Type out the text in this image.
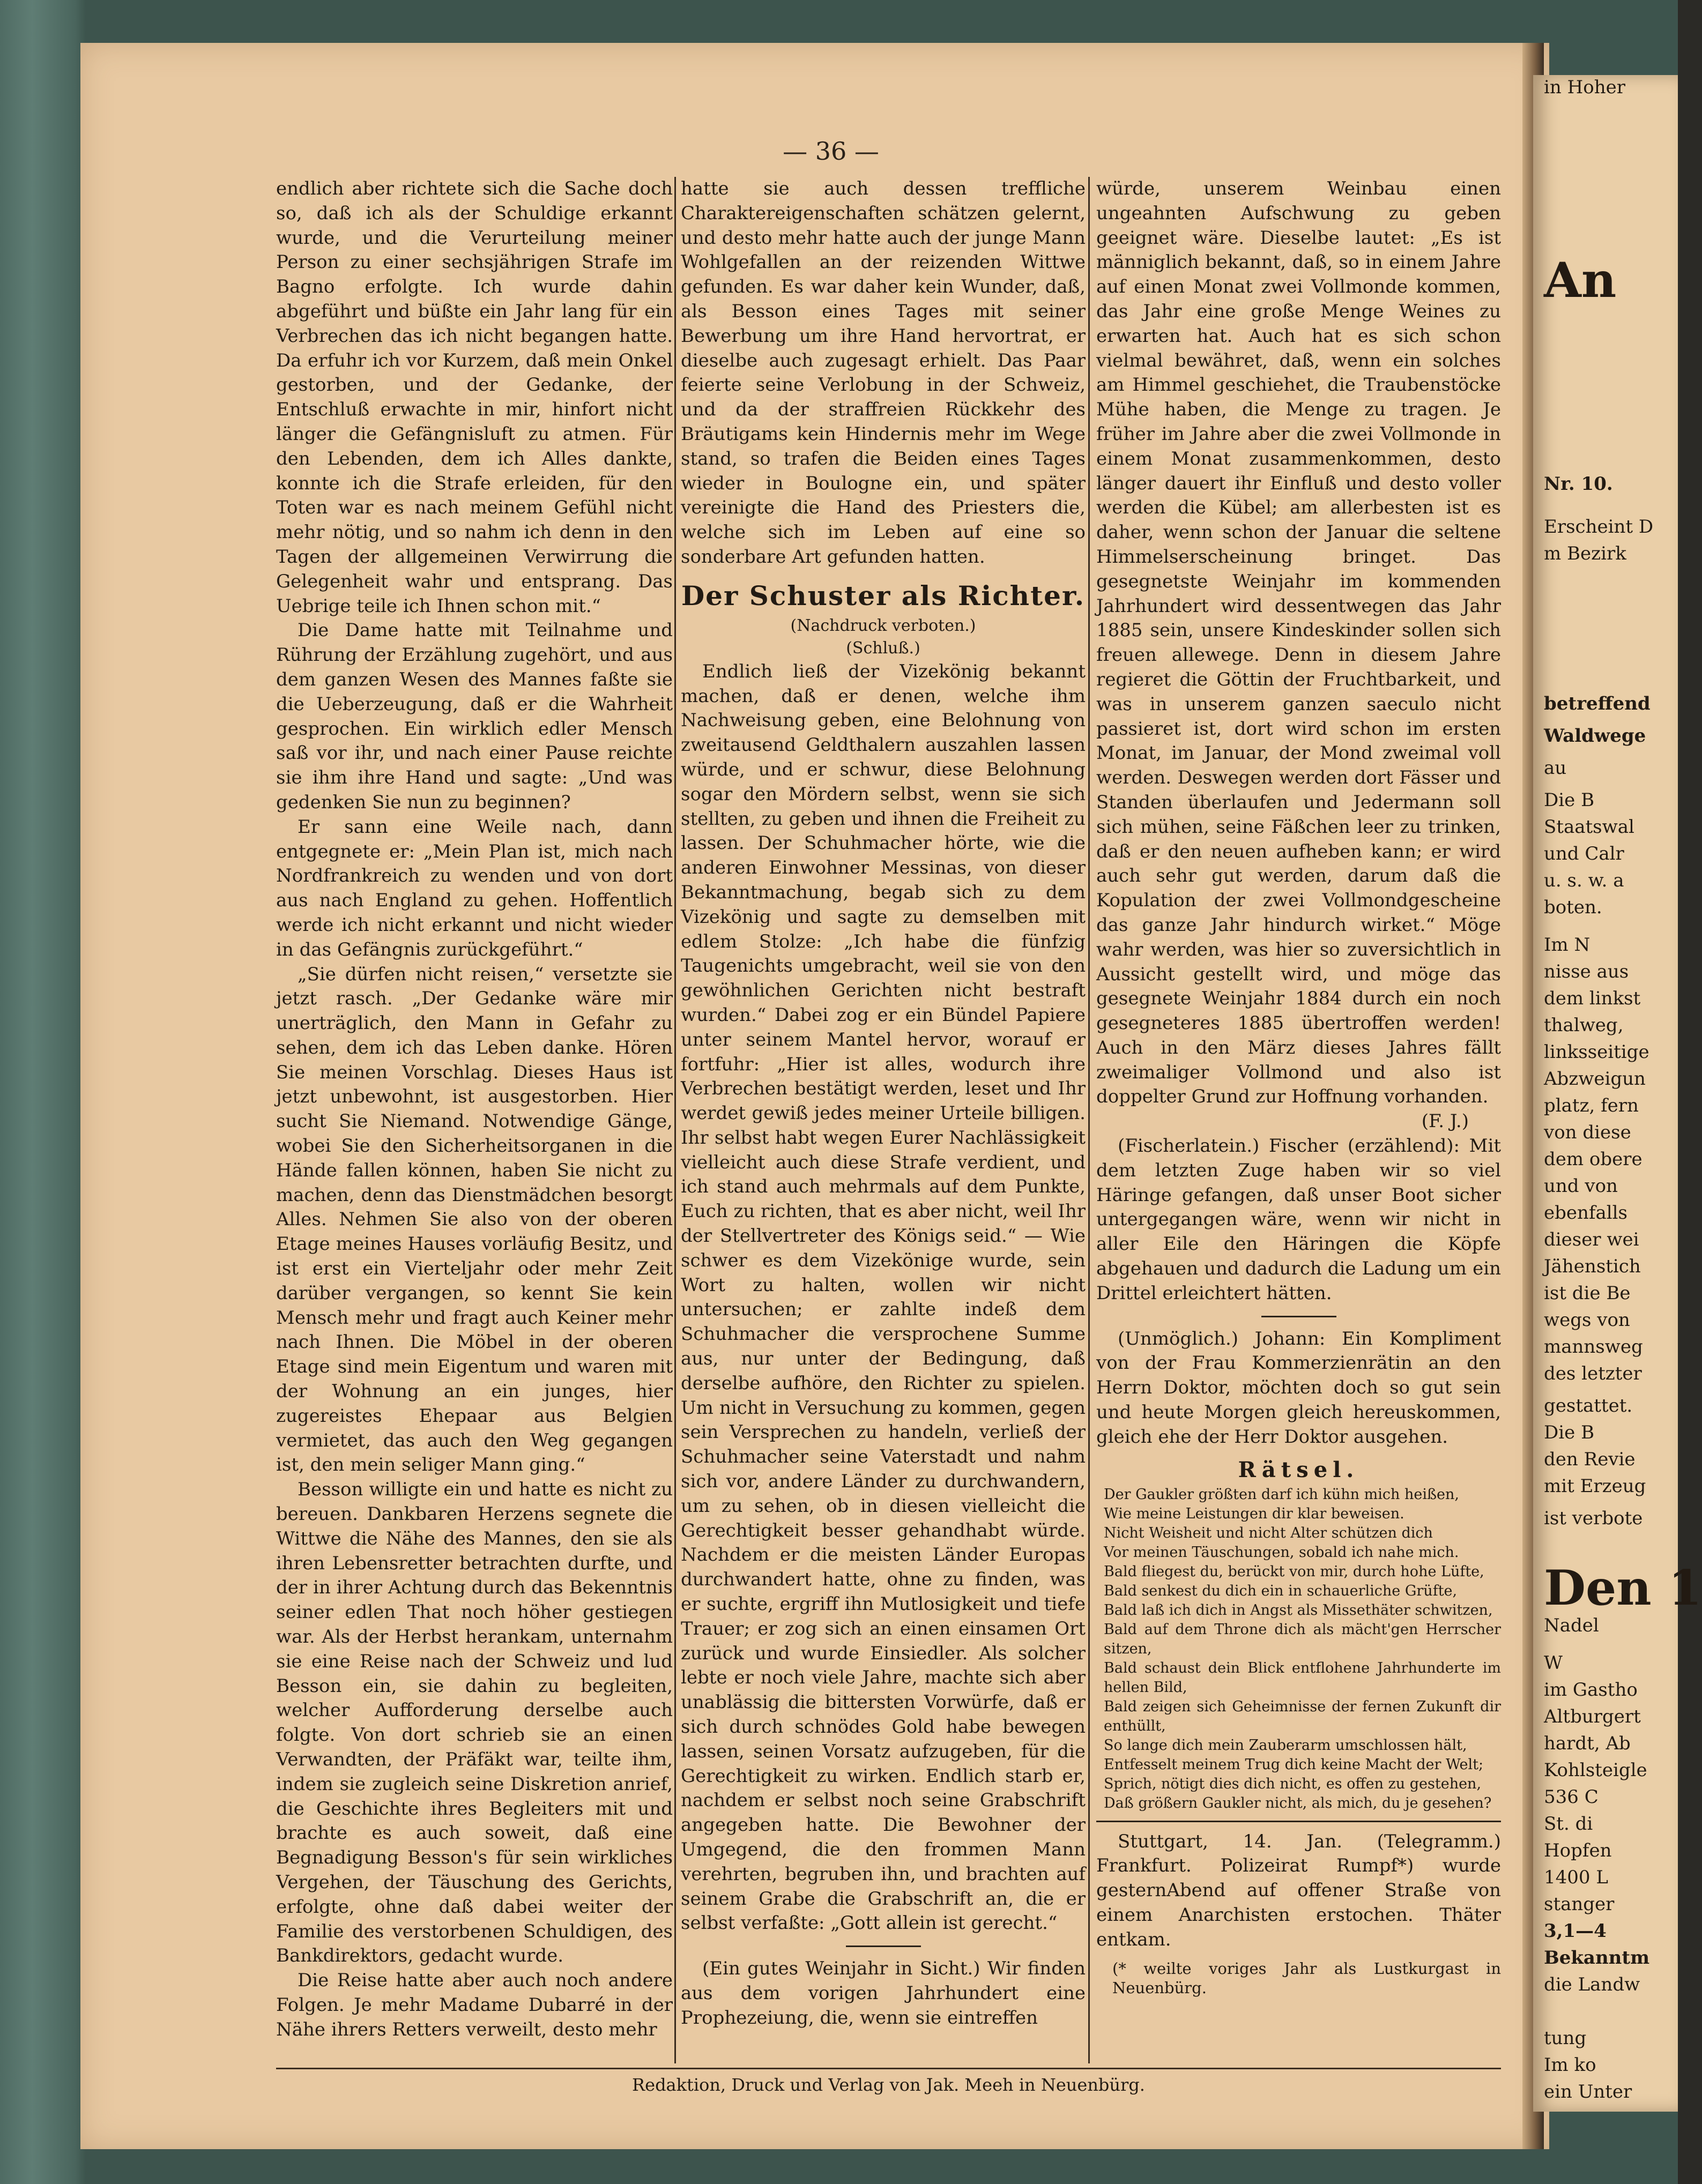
An
Nr. 10.
Erscheint D
m Bezirk
betreffend
Waldwege
au
Die B
Staatswal
und Calr
u. s. w. a
boten.
Im N
nisse aus
dem linkst
thalweg,
linksseitige
Abzweigun
platz, fern
von diese
dem obere
und von
ebenfalls
dieser wei
Jähenstich
ist die Be
wegs von
mannsweg
des letzter
gestattet.
Die B
den Revie
mit Erzeug
ist verbote
Den 1
Nadel
W
im Gastho
Altburgert
hardt, Ab
Kohlsteigle
536 C
St. di
Hopfen
1400 L
stanger
3,1—4
Bekanntm
die Landw
tung
Im ko
ein Unter
in Hoher
— 36 —

endlich aber richtete sich die Sache doch so, daß ich als der Schuldige erkannt wurde, und die Verurteilung meiner Person zu einer sechsjährigen Strafe im Bagno erfolgte. Ich wurde dahin abgeführt und büßte ein Jahr lang für ein Verbrechen das ich nicht begangen hatte. Da erfuhr ich vor Kurzem, daß mein Onkel gestorben, und der Gedanke, der Entschluß erwachte in mir, hinfort nicht länger die Gefängnisluft zu atmen. Für den Lebenden, dem ich Alles dankte, konnte ich die Strafe erleiden, für den Toten war es nach meinem Gefühl nicht mehr nötig, und so nahm ich denn in den Tagen der allgemeinen Verwirrung die Gelegenheit wahr und entsprang. Das Uebrige teile ich Ihnen schon mit.“

Die Dame hatte mit Teilnahme und Rührung der Erzählung zugehört, und aus dem ganzen Wesen des Mannes faßte sie die Ueberzeugung, daß er die Wahrheit gesprochen. Ein wirklich edler Mensch saß vor ihr, und nach einer Pause reichte sie ihm ihre Hand und sagte: „Und was gedenken Sie nun zu beginnen?

Er sann eine Weile nach, dann entgegnete er: „Mein Plan ist, mich nach Nordfrankreich zu wenden und von dort aus nach England zu gehen. Hoffentlich werde ich nicht erkannt und nicht wieder in das Gefängnis zurückgeführt.“

„Sie dürfen nicht reisen,“ versetzte sie jetzt rasch. „Der Gedanke wäre mir unerträglich, den Mann in Gefahr zu sehen, dem ich das Leben danke. Hören Sie meinen Vorschlag. Dieses Haus ist jetzt unbewohnt, ist ausgestorben. Hier sucht Sie Niemand. Notwendige Gänge, wobei Sie den Sicherheitsorganen in die Hände fallen können, haben Sie nicht zu machen, denn das Dienstmädchen besorgt Alles. Nehmen Sie also von der oberen Etage meines Hauses vorläufig Besitz, und ist erst ein Vierteljahr oder mehr Zeit darüber vergangen, so kennt Sie kein Mensch mehr und fragt auch Keiner mehr nach Ihnen. Die Möbel in der oberen Etage sind mein Eigentum und waren mit der Wohnung an ein junges, hier zugereistes Ehepaar aus Belgien vermietet, das auch den Weg gegangen ist, den mein seliger Mann ging.“

Besson willigte ein und hatte es nicht zu bereuen. Dankbaren Herzens segnete die Wittwe die Nähe des Mannes, den sie als ihren Lebensretter betrachten durfte, und der in ihrer Achtung durch das Bekenntnis seiner edlen That noch höher gestiegen war. Als der Herbst herankam, unternahm sie eine Reise nach der Schweiz und lud Besson ein, sie dahin zu begleiten, welcher Aufforderung derselbe auch folgte. Von dort schrieb sie an einen Verwandten, der Präfäkt war, teilte ihm, indem sie zugleich seine Diskretion anrief, die Geschichte ihres Begleiters mit und brachte es auch soweit, daß eine Begnadigung Besson's für sein wirkliches Vergehen, der Täuschung des Gerichts, erfolgte, ohne daß dabei weiter der Familie des verstorbenen Schuldigen, des Bankdirektors, gedacht wurde.

Die Reise hatte aber auch noch andere Folgen. Je mehr Madame Dubarré in der Nähe ihrers Retters verweilt, desto mehr

hatte sie auch dessen treffliche Charaktereigenschaften schätzen gelernt, und desto mehr hatte auch der junge Mann Wohlgefallen an der reizenden Wittwe gefunden. Es war daher kein Wunder, daß, als Besson eines Tages mit seiner Bewerbung um ihre Hand hervortrat, er dieselbe auch zugesagt erhielt. Das Paar feierte seine Verlobung in der Schweiz, und da der straffreien Rückkehr des Bräutigams kein Hindernis mehr im Wege stand, so trafen die Beiden eines Tages wieder in Boulogne ein, und später vereinigte die Hand des Priesters die, welche sich im Leben auf eine so sonderbare Art gefunden hatten.

Der Schuster als Richter.
(Nachdruck verboten.)
(Schluß.)

Endlich ließ der Vizekönig bekannt machen, daß er denen, welche ihm Nachweisung geben, eine Belohnung von zweitausend Geldthalern auszahlen lassen würde, und er schwur, diese Belohnung sogar den Mördern selbst, wenn sie sich stellten, zu geben und ihnen die Freiheit zu lassen. Der Schuhmacher hörte, wie die anderen Einwohner Messinas, von dieser Bekanntmachung, begab sich zu dem Vizekönig und sagte zu demselben mit edlem Stolze: „Ich habe die fünfzig Taugenichts umgebracht, weil sie von den gewöhnlichen Gerichten nicht bestraft wurden.“ Dabei zog er ein Bündel Papiere unter seinem Mantel hervor, worauf er fortfuhr: „Hier ist alles, wodurch ihre Verbrechen bestätigt werden, leset und Ihr werdet gewiß jedes meiner Urteile billigen. Ihr selbst habt wegen Eurer Nachlässigkeit vielleicht auch diese Strafe verdient, und ich stand auch mehrmals auf dem Punkte, Euch zu richten, that es aber nicht, weil Ihr der Stellvertreter des Königs seid.“ — Wie schwer es dem Vizekönige wurde, sein Wort zu halten, wollen wir nicht untersuchen; er zahlte indeß dem Schuhmacher die versprochene Summe aus, nur unter der Bedingung, daß derselbe aufhöre, den Richter zu spielen. Um nicht in Versuchung zu kommen, gegen sein Versprechen zu handeln, verließ der Schuhmacher seine Vaterstadt und nahm sich vor, andere Länder zu durchwandern, um zu sehen, ob in diesen vielleicht die Gerechtigkeit besser gehandhabt würde. Nachdem er die meisten Länder Europas durchwandert hatte, ohne zu finden, was er suchte, ergriff ihn Mutlosigkeit und tiefe Trauer; er zog sich an einen einsamen Ort zurück und wurde Einsiedler. Als solcher lebte er noch viele Jahre, machte sich aber unablässig die bittersten Vorwürfe, daß er sich durch schnödes Gold habe bewegen lassen, seinen Vorsatz aufzugeben, für die Gerechtigkeit zu wirken. Endlich starb er, nachdem er selbst noch seine Grabschrift angegeben hatte. Die Bewohner der Umgegend, die den frommen Mann verehrten, begruben ihn, und brachten auf seinem Grabe die Grabschrift an, die er selbst verfaßte: „Gott allein ist gerecht.“

(Ein gutes Weinjahr in Sicht.) Wir finden aus dem vorigen Jahrhundert eine Prophezeiung, die, wenn sie eintreffen

würde, unserem Weinbau einen ungeahnten Aufschwung zu geben geeignet wäre. Dieselbe lautet: „Es ist männiglich bekannt, daß, so in einem Jahre auf einen Monat zwei Vollmonde kommen, das Jahr eine große Menge Weines zu erwarten hat. Auch hat es sich schon vielmal bewähret, daß, wenn ein solches am Himmel geschiehet, die Traubenstöcke Mühe haben, die Menge zu tragen. Je früher im Jahre aber die zwei Vollmonde in einem Monat zusammenkommen, desto länger dauert ihr Einfluß und desto voller werden die Kübel; am allerbesten ist es daher, wenn schon der Januar die seltene Himmelserscheinung bringet. Das gesegnetste Weinjahr im kommenden Jahrhundert wird dessentwegen das Jahr 1885 sein, unsere Kindeskinder sollen sich freuen allewege. Denn in diesem Jahre regieret die Göttin der Fruchtbarkeit, und was in unserem ganzen saeculo nicht passieret ist, dort wird schon im ersten Monat, im Januar, der Mond zweimal voll werden. Deswegen werden dort Fässer und Standen überlaufen und Jedermann soll sich mühen, seine Fäßchen leer zu trinken, daß er den neuen aufheben kann; er wird auch sehr gut werden, darum daß die Kopulation der zwei Vollmondgescheine das ganze Jahr hindurch wirket.“ Möge wahr werden, was hier so zuversichtlich in Aussicht gestellt wird, und möge das gesegnete Weinjahr 1884 durch ein noch gesegneteres 1885 übertroffen werden! Auch in den März dieses Jahres fällt zweimaliger Vollmond und also ist doppelter Grund zur Hoffnung vorhanden.

(F. J.)

(Fischerlatein.) Fischer (erzählend): Mit dem letzten Zuge haben wir so viel Häringe gefangen, daß unser Boot sicher untergegangen wäre, wenn wir nicht in aller Eile den Häringen die Köpfe abgehauen und dadurch die Ladung um ein Drittel erleichtert hätten.

(Unmöglich.) Johann: Ein Kompliment von der Frau Kommerzienrätin an den Herrn Doktor, möchten doch so gut sein und heute Morgen gleich hereuskommen, gleich ehe der Herr Doktor ausgehen.

Rätsel.
Der Gaukler größten darf ich kühn mich heißen,
Wie meine Leistungen dir klar beweisen.
Nicht Weisheit und nicht Alter schützen dich
Vor meinen Täuschungen, sobald ich nahe mich.
Bald fliegest du, berückt von mir, durch hohe Lüfte,
Bald senkest du dich ein in schauerliche Grüfte,
Bald laß ich dich in Angst als Missethäter schwitzen,
Bald auf dem Throne dich als mächt'gen Herrscher sitzen,
Bald schaust dein Blick entflohene Jahrhunderte im hellen Bild,
Bald zeigen sich Geheimnisse der fernen Zukunft dir enthüllt,
So lange dich mein Zauberarm umschlossen hält,
Entfesselt meinem Trug dich keine Macht der Welt;
Sprich, nötigt dies dich nicht, es offen zu gestehen,
Daß größern Gaukler nicht, als mich, du je gesehen?

Stuttgart, 14. Jan. (Telegramm.) Frankfurt. Polizeirat Rumpf*) wurde gesternAbend auf offener Straße von einem Anarchisten erstochen. Thäter entkam.

(* weilte voriges Jahr als Lustkurgast in Neuenbürg.
Redaktion, Druck und Verlag von Jak. Meeh in Neuenbürg.
